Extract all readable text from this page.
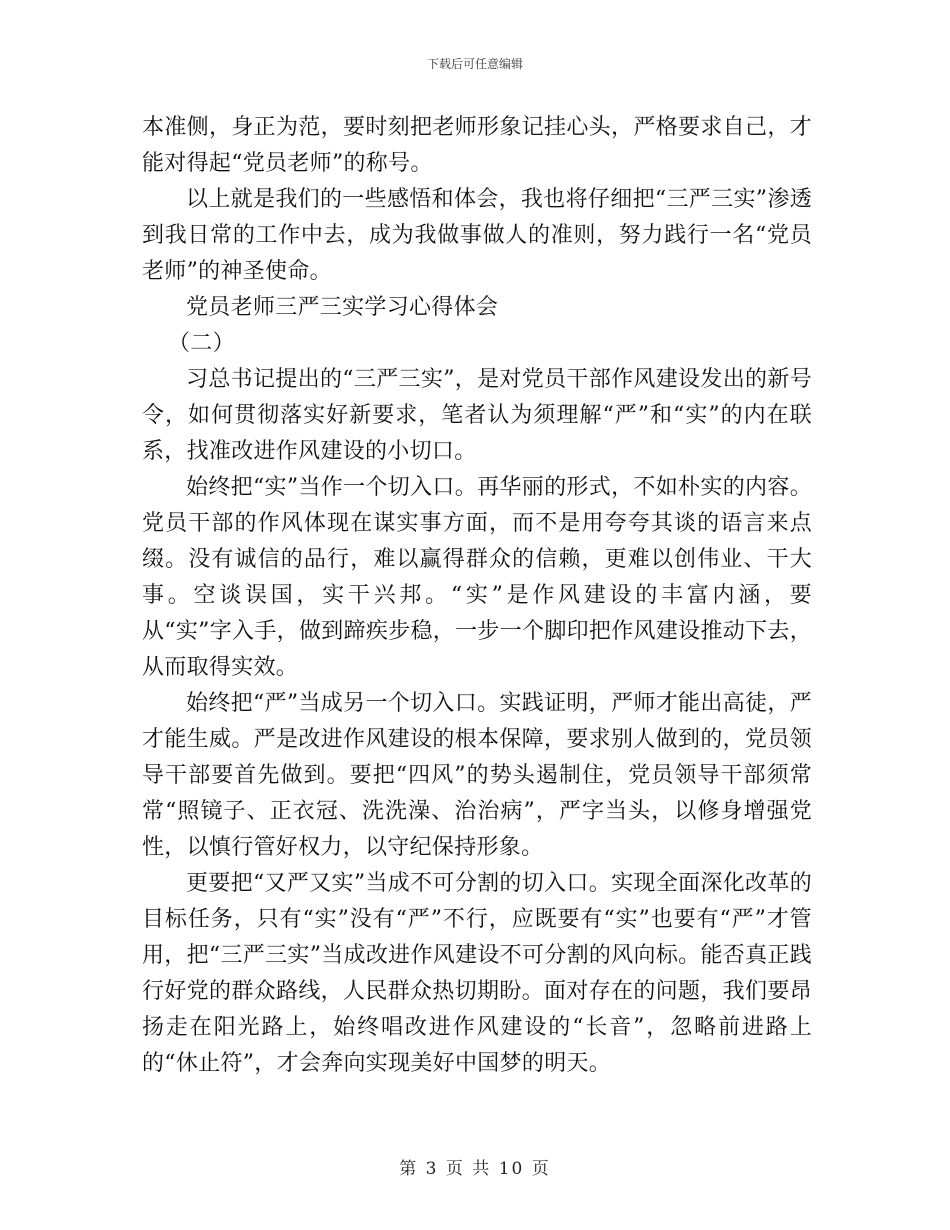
下载后可任意编辑

本准侧，身正为范，要时刻把老师形象记挂心头，严格要求自己，才能对得起“党员老师”的称号。

以上就是我们的一些感悟和体会，我也将仔细把“三严三实”渗透到我日常的工作中去，成为我做事做人的准则，努力践行一名“党员老师”的神圣使命。

党员老师三严三实学习心得体会

（二）

习总书记提出的“三严三实”，是对党员干部作风建设发出的新号令，如何贯彻落实好新要求，笔者认为须理解“严”和“实”的内在联系，找准改进作风建设的小切口。

始终把“实”当作一个切入口。再华丽的形式，不如朴实的内容。党员干部的作风体现在谋实事方面，而不是用夸夸其谈的语言来点缀。没有诚信的品行，难以赢得群众的信赖，更难以创伟业、干大事。空谈误国，实干兴邦。“实”是作风建设的丰富内涵，要从“实”字入手，做到蹄疾步稳，一步一个脚印把作风建设推动下去，从而取得实效。

始终把“严”当成另一个切入口。实践证明，严师才能出高徒，严才能生威。严是改进作风建设的根本保障，要求别人做到的，党员领导干部要首先做到。要把“四风”的势头遏制住，党员领导干部须常常“照镜子、正衣冠、洗洗澡、治治病”，严字当头，以修身增强党性，以慎行管好权力，以守纪保持形象。

更要把“又严又实”当成不可分割的切入口。实现全面深化改革的目标任务，只有“实”没有“严”不行，应既要有“实”也要有“严”才管用，把“三严三实”当成改进作风建设不可分割的风向标。能否真正践行好党的群众路线，人民群众热切期盼。面对存在的问题，我们要昂扬走在阳光路上，始终唱改进作风建设的“长音”，忽略前进路上的“休止符”，才会奔向实现美好中国梦的明天。

第 3 页 共 10 页
